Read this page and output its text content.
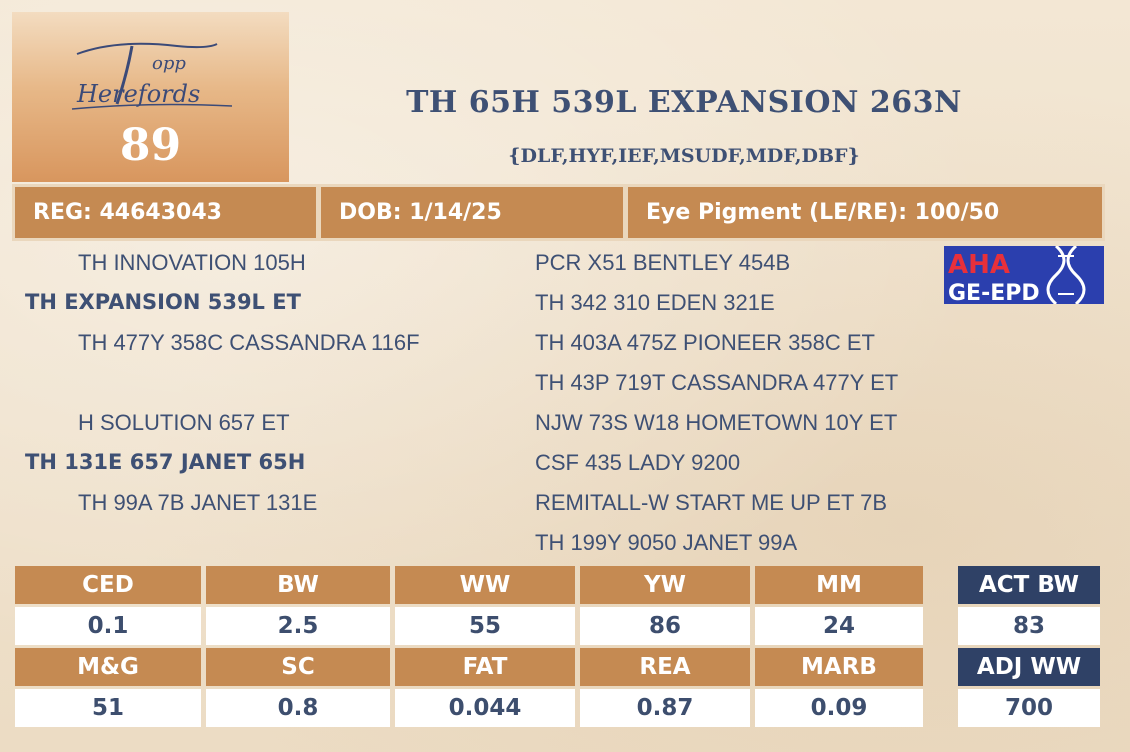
opp
Herefords
89
TH 65H 539L EXPANSION 263N
{DLF,HYF,IEF,MSUDF,MDF,DBF}
REG: 44643043	DOB: 1/14/25	Eye Pigment (LE/RE): 100/50
TH INNOVATION 105H
TH EXPANSION 539L ET
TH 477Y 358C CASSANDRA 116F
H SOLUTION 657 ET
TH 131E 657 JANET 65H
TH 99A 7B JANET 131E
PCR X51 BENTLEY 454B
TH 342 310 EDEN 321E
TH 403A 475Z PIONEER 358C ET
TH 43P 719T CASSANDRA 477Y ET
NJW 73S W18 HOMETOWN 10Y ET
CSF 435 LADY 9200
REMITALL-W START ME UP ET 7B
TH 199Y 9050 JANET 99A
AHA
GE-EPD
CED	BW	WW	YW	MM
0.1	2.5	55	86	24
M&G	SC	FAT	REA	MARB
51	0.8	0.044	0.87	0.09
ACT BW
83
ADJ WW
700
